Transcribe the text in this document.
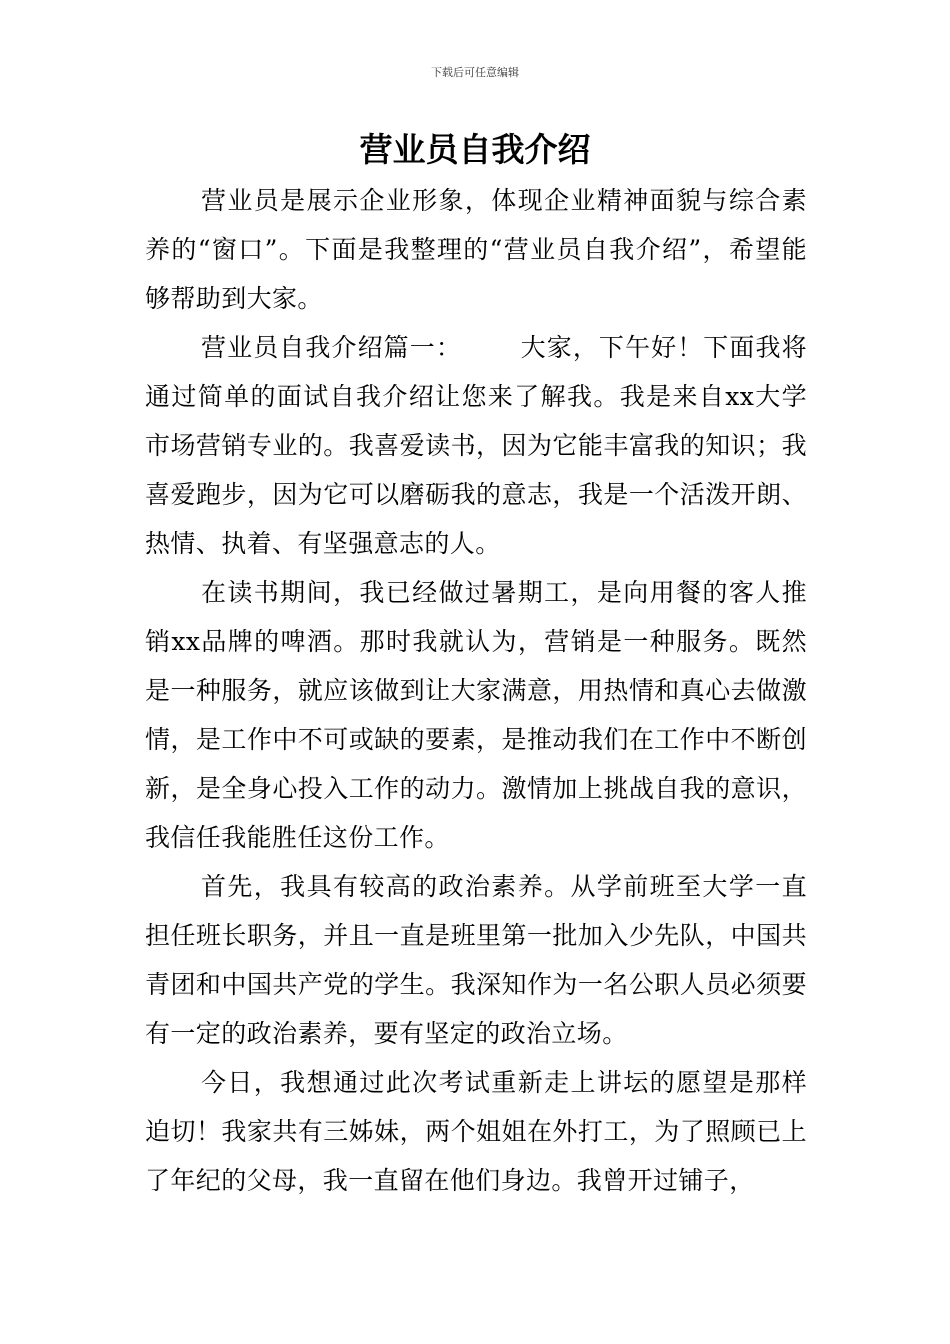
下载后可任意编辑
营业员自我介绍

营业员是展示企业形象，体现企业精神面貌与综合素养的“窗口”。下面是我整理的“营业员自我介绍”，希望能够帮助到大家。

营业员自我介绍篇一： 大家，下午好！下面我将通过简单的面试自我介绍让您来了解我。我是来自xx大学市场营销专业的。我喜爱读书，因为它能丰富我的知识；我喜爱跑步，因为它可以磨砺我的意志，我是一个活泼开朗、热情、执着、有坚强意志的人。

在读书期间，我已经做过暑期工，是向用餐的客人推销xx品牌的啤酒。那时我就认为，营销是一种服务。既然是一种服务，就应该做到让大家满意，用热情和真心去做激情，是工作中不可或缺的要素，是推动我们在工作中不断创新，是全身心投入工作的动力。激情加上挑战自我的意识，我信任我能胜任这份工作。

首先，我具有较高的政治素养。从学前班至大学一直担任班长职务，并且一直是班里第一批加入少先队，中国共青团和中国共产党的学生。我深知作为一名公职人员必须要有一定的政治素养，要有坚定的政治立场。

今日，我想通过此次考试重新走上讲坛的愿望是那样迫切！我家共有三姊妹，两个姐姐在外打工，为了照顾已上了年纪的父母，我一直留在他们身边。我曾开过铺子，
